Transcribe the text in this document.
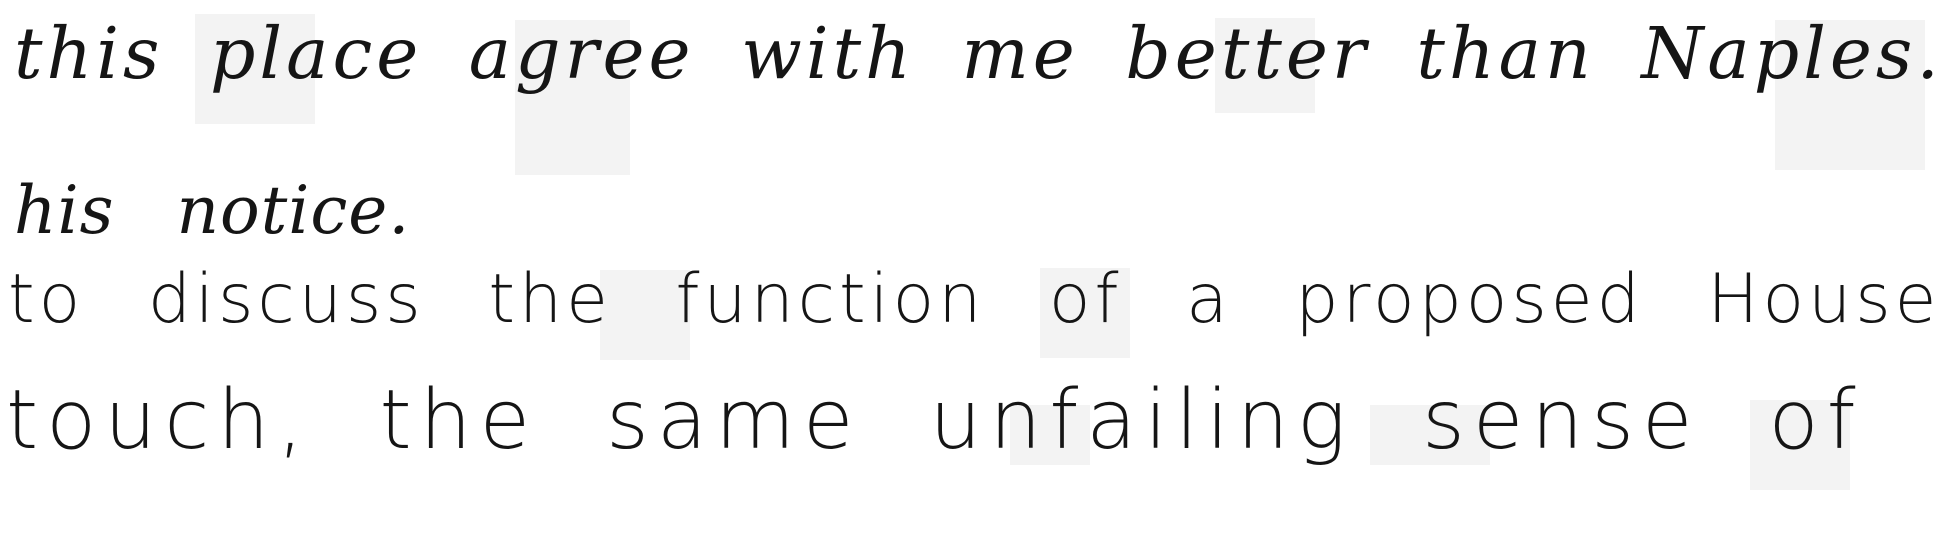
this place agree with me better than Naples.
his notice.
to discuss the function of a proposed House
touch, the same unfailing sense of
